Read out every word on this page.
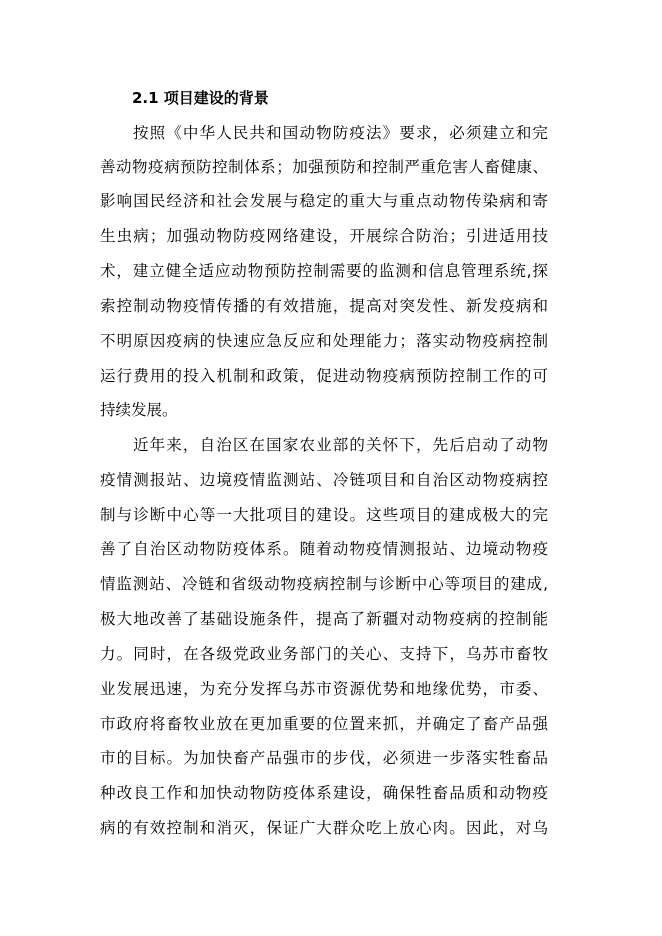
2.1 项目建设的背景
按照《中华人民共和国动物防疫法》要求，必须建立和完
善动物疫病预防控制体系；加强预防和控制严重危害人畜健康、
影响国民经济和社会发展与稳定的重大与重点动物传染病和寄
生虫病；加强动物防疫网络建设，开展综合防治；引进适用技
术，建立健全适应动物预防控制需要的监测和信息管理系统,探
索控制动物疫情传播的有效措施，提高对突发性、新发疫病和
不明原因疫病的快速应急反应和处理能力；落实动物疫病控制
运行费用的投入机制和政策，促进动物疫病预防控制工作的可
持续发展。
近年来，自治区在国家农业部的关怀下，先后启动了动物
疫情测报站、边境疫情监测站、冷链项目和自治区动物疫病控
制与诊断中心等一大批项目的建设。这些项目的建成极大的完
善了自治区动物防疫体系。随着动物疫情测报站、边境动物疫
情监测站、冷链和省级动物疫病控制与诊断中心等项目的建成,
极大地改善了基础设施条件，提高了新疆对动物疫病的控制能
力。同时，在各级党政业务部门的关心、支持下，乌苏市畜牧
业发展迅速，为充分发挥乌苏市资源优势和地缘优势，市委、
市政府将畜牧业放在更加重要的位置来抓，并确定了畜产品强
市的目标。为加快畜产品强市的步伐，必须进一步落实牲畜品
种改良工作和加快动物防疫体系建设，确保牲畜品质和动物疫
病的有效控制和消灭，保证广大群众吃上放心肉。因此，对乌
